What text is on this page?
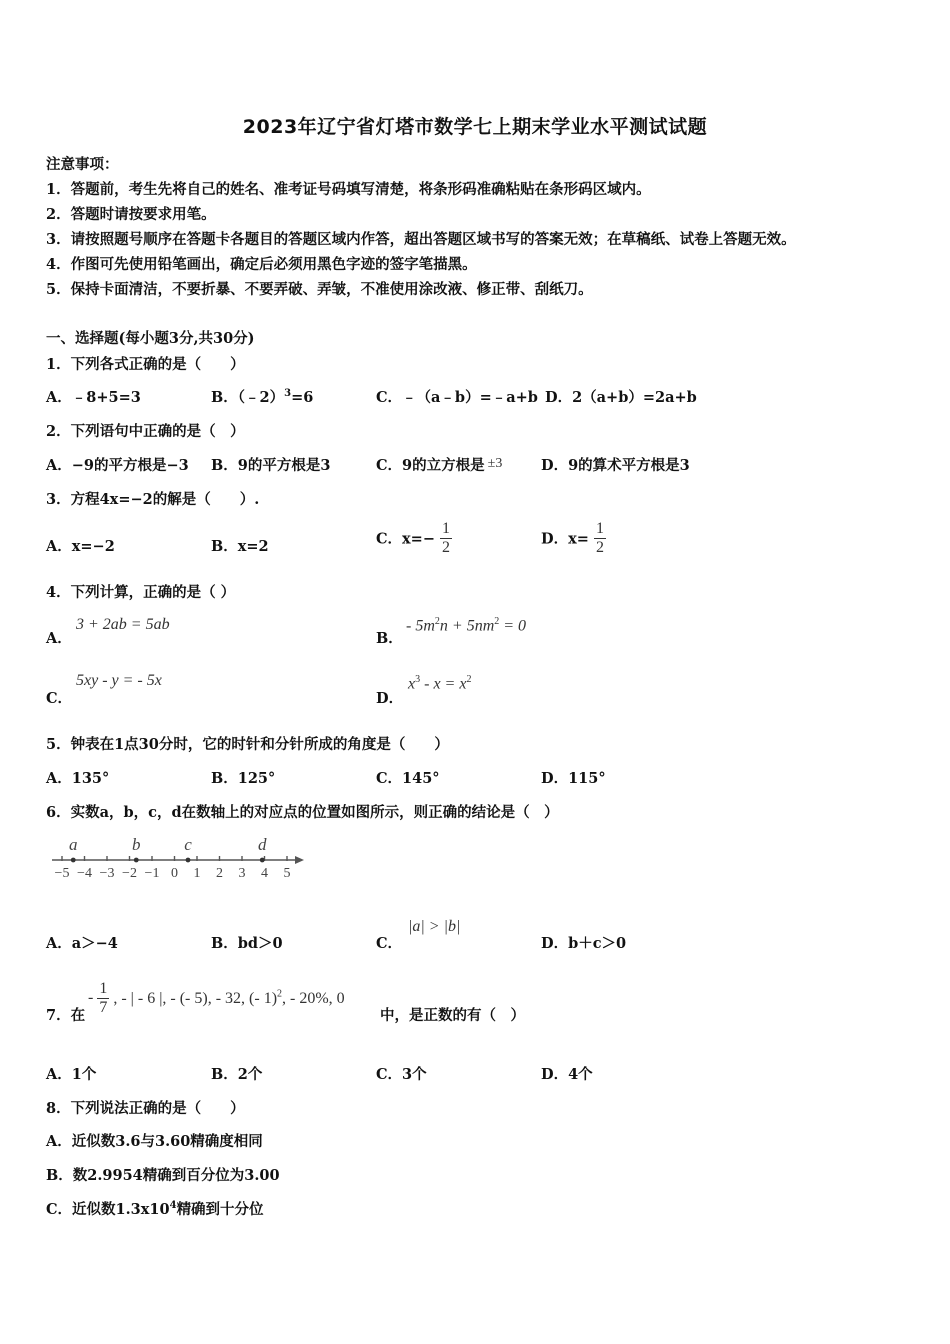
2023年辽宁省灯塔市数学七上期末学业水平测试试题
注意事项：
1．答题前，考生先将自己的姓名、准考证号码填写清楚，将条形码准确粘贴在条形码区域内。
2．答题时请按要求用笔。
3．请按照题号顺序在答题卡各题目的答题区域内作答，超出答题区域书写的答案无效；在草稿纸、试卷上答题无效。
4．作图可先使用铅笔画出，确定后必须用黑色字迹的签字笔描黑。
5．保持卡面清洁，不要折暴、不要弄破、弄皱，不准使用涂改液、修正带、刮纸刀。
一、选择题(每小题3分,共30分)
1．下列各式正确的是（　　）
A．﹣8+5=3	B．（﹣2）$^3$=6	C．﹣（a﹣b）=﹣a+b D．2（a+b）=2a+b
2．下列语句中正确的是（　）
A．−9的平方根是−3 B．9的平方根是3	C．9的立方根是 ±3	D．9的算术平方根是3
3．方程4x=−2的解是（　　）.
A．x=−2	B．x=2	C．$x=- \frac{1}{2}$	D．$x= \frac{1}{2}$
4．下列计算，正确的是（ ）
A．
3 + 2ab = 5ab
B．
- $5m^2n + 5nm^2 = 0$
C．
5xy - y = - 5x
D．
$x^3 - x = x^2$
5．钟表在1点30分时，它的时针和分针所成的角度是（　　）
A．135°	B．125°	C．145°	D．115°
6．实数a，b，c，d在数轴上的对应点的位置如图所示，则正确的结论是（　）
−5 −4 −3 −2 −1 0 1 2 3 4 5
a	b	c	d
A．a＞−4	B．bd＞0	C．
|a| > |b|
D．b＋c＞0
7．在
- $\frac{1}{7}$ , - | - 6 |, - (- 5), - 32, (- 1)$^2$, - 20%, 0
中，是正数的有（　）
A．1个	B．2个	C．3个	D．4个
8．下列说法正确的是（　　）
A．近似数3.6与3.60精确度相同
B．数2.9954精确到百分位为3.00
C．近似数$1.3x10^4$精确到十分位
